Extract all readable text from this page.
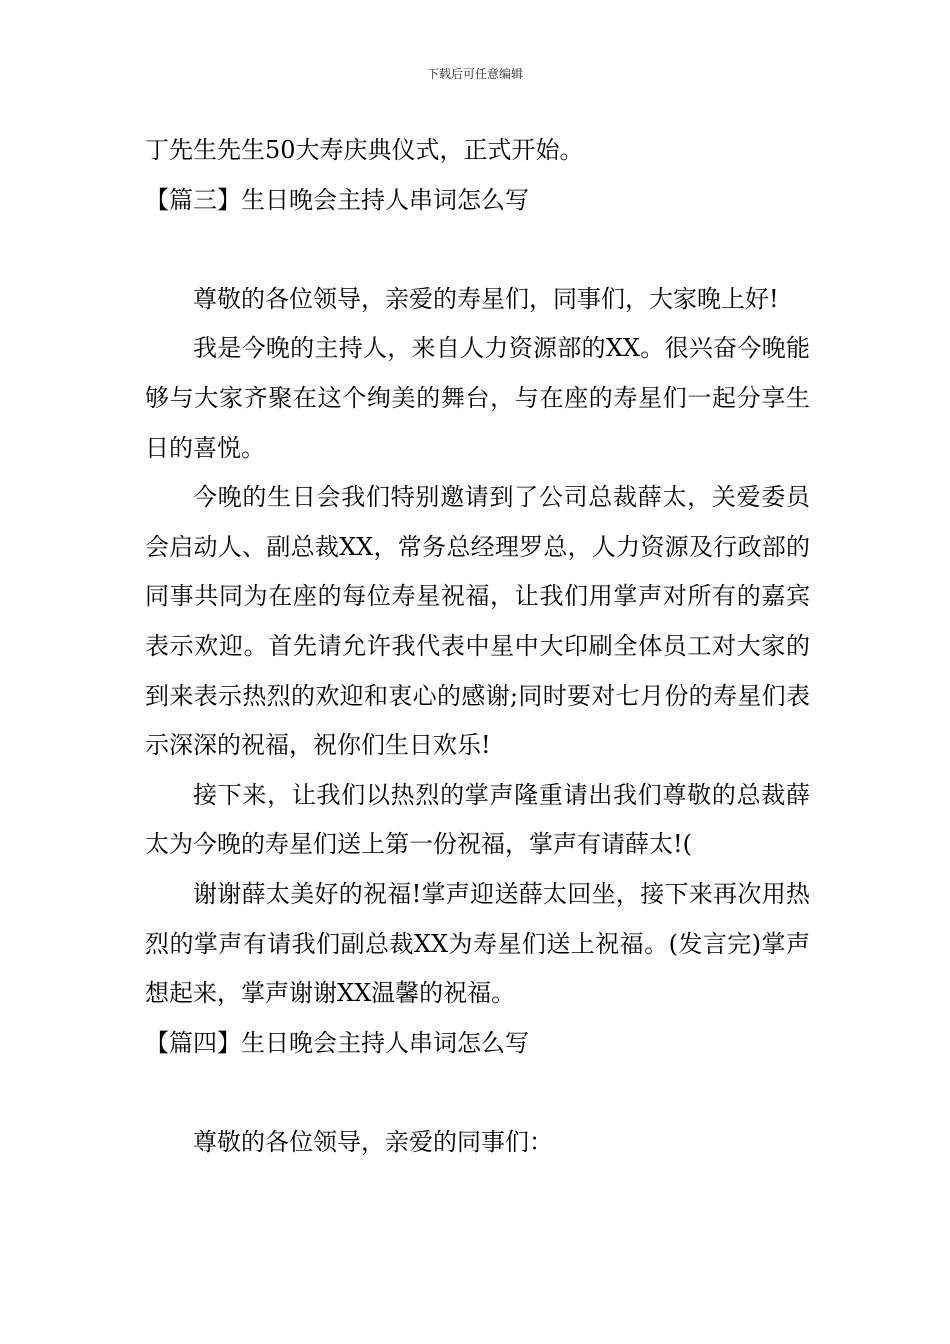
下载后可任意编辑

丁先生先生50大寿庆典仪式，正式开始。

【篇三】生日晚会主持人串词怎么写

尊敬的各位领导，亲爱的寿星们，同事们，大家晚上好!

我是今晚的主持人，来自人力资源部的XX。很兴奋今晚能够与大家齐聚在这个绚美的舞台，与在座的寿星们一起分享生日的喜悦。

今晚的生日会我们特别邀请到了公司总裁薛太，关爱委员会启动人、副总裁XX，常务总经理罗总，人力资源及行政部的同事共同为在座的每位寿星祝福，让我们用掌声对所有的嘉宾表示欢迎。首先请允许我代表中星中大印刷全体员工对大家的到来表示热烈的欢迎和衷心的感谢;同时要对七月份的寿星们表示深深的祝福，祝你们生日欢乐!

接下来，让我们以热烈的掌声隆重请出我们尊敬的总裁薛太为今晚的寿星们送上第一份祝福，掌声有请薛太!(

谢谢薛太美好的祝福!掌声迎送薛太回坐，接下来再次用热烈的掌声有请我们副总裁XX为寿星们送上祝福。(发言完)掌声想起来，掌声谢谢XX温馨的祝福。

【篇四】生日晚会主持人串词怎么写

尊敬的各位领导，亲爱的同事们：
